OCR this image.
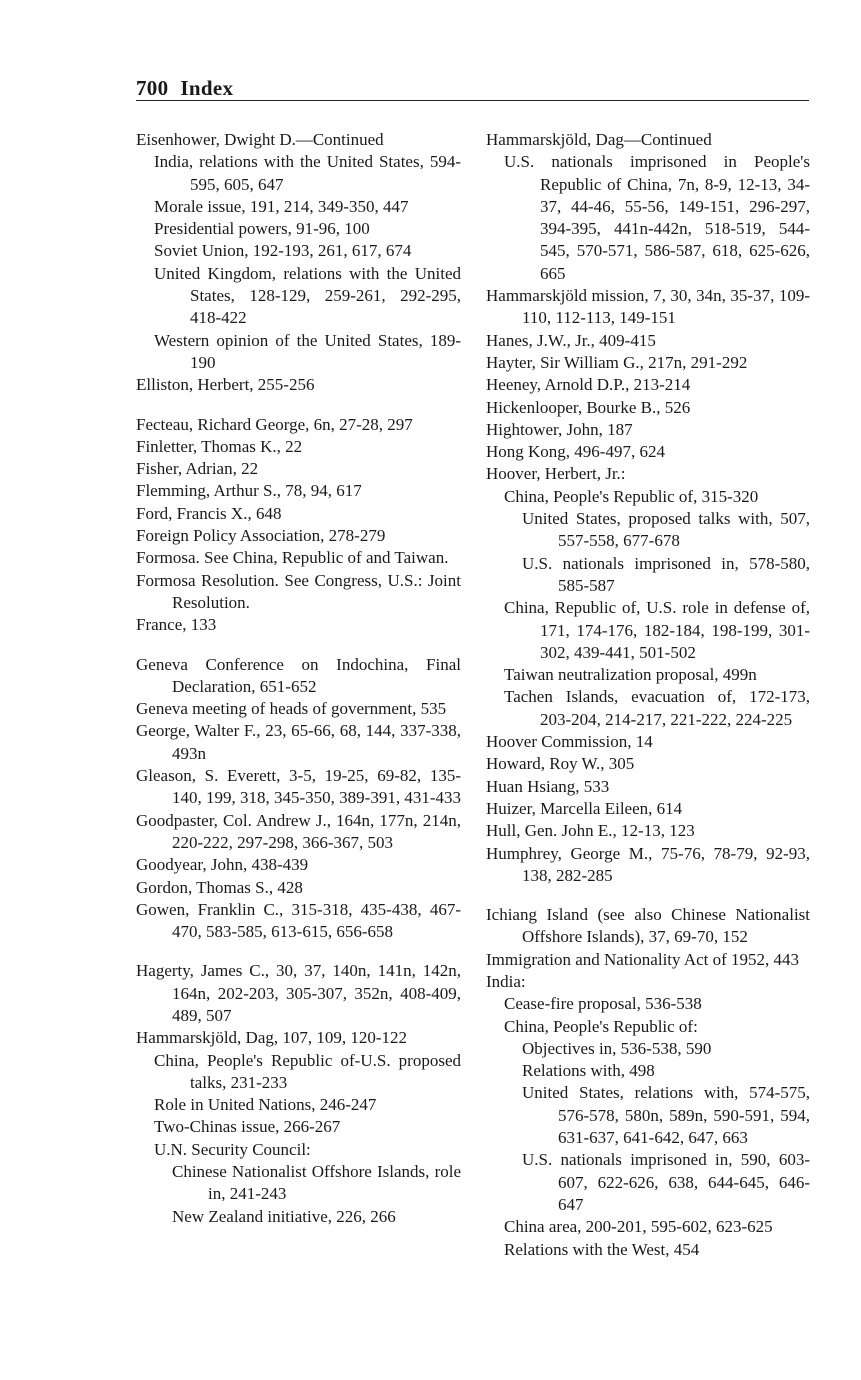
700 Index

Eisenhower, Dwight D.—Continued

India, relations with the United States, 594-595, 605, 647

Morale issue, 191, 214, 349-350, 447

Presidential powers, 91-96, 100

Soviet Union, 192-193, 261, 617, 674

United Kingdom, relations with the United States, 128-129, 259-261, 292-295, 418-422

Western opinion of the United States, 189-190

Elliston, Herbert, 255-256

Fecteau, Richard George, 6n, 27-28, 297

Finletter, Thomas K., 22

Fisher, Adrian, 22

Flemming, Arthur S., 78, 94, 617

Ford, Francis X., 648

Foreign Policy Association, 278-279

Formosa. See China, Republic of and Taiwan.

Formosa Resolution. See Congress, U.S.: Joint Resolution.

France, 133

Geneva Conference on Indochina, Final Declaration, 651-652

Geneva meeting of heads of government, 535

George, Walter F., 23, 65-66, 68, 144, 337-338, 493n

Gleason, S. Everett, 3-5, 19-25, 69-82, 135-140, 199, 318, 345-350, 389-391, 431-433

Goodpaster, Col. Andrew J., 164n, 177n, 214n, 220-222, 297-298, 366-367, 503

Goodyear, John, 438-439

Gordon, Thomas S., 428

Gowen, Franklin C., 315-318, 435-438, 467-470, 583-585, 613-615, 656-658

Hagerty, James C., 30, 37, 140n, 141n, 142n, 164n, 202-203, 305-307, 352n, 408-409, 489, 507

Hammarskjöld, Dag, 107, 109, 120-122

China, People's Republic of-U.S. proposed talks, 231-233

Role in United Nations, 246-247

Two-Chinas issue, 266-267

U.N. Security Council:

Chinese Nationalist Offshore Islands, role in, 241-243

New Zealand initiative, 226, 266

Hammarskjöld, Dag—Continued

U.S. nationals imprisoned in People's Republic of China, 7n, 8-9, 12-13, 34-37, 44-46, 55-56, 149-151, 296-297, 394-395, 441n-442n, 518-519, 544-545, 570-571, 586-587, 618, 625-626, 665

Hammarskjöld mission, 7, 30, 34n, 35-37, 109-110, 112-113, 149-151

Hanes, J.W., Jr., 409-415

Hayter, Sir William G., 217n, 291-292

Heeney, Arnold D.P., 213-214

Hickenlooper, Bourke B., 526

Hightower, John, 187

Hong Kong, 496-497, 624

Hoover, Herbert, Jr.:

China, People's Republic of, 315-320

United States, proposed talks with, 507, 557-558, 677-678

U.S. nationals imprisoned in, 578-580, 585-587

China, Republic of, U.S. role in defense of, 171, 174-176, 182-184, 198-199, 301-302, 439-441, 501-502

Taiwan neutralization proposal, 499n

Tachen Islands, evacuation of, 172-173, 203-204, 214-217, 221-222, 224-225

Hoover Commission, 14

Howard, Roy W., 305

Huan Hsiang, 533

Huizer, Marcella Eileen, 614

Hull, Gen. John E., 12-13, 123

Humphrey, George M., 75-76, 78-79, 92-93, 138, 282-285

Ichiang Island (see also Chinese Nationalist Offshore Islands), 37, 69-70, 152

Immigration and Nationality Act of 1952, 443

India:

Cease-fire proposal, 536-538

China, People's Republic of:

Objectives in, 536-538, 590

Relations with, 498

United States, relations with, 574-575, 576-578, 580n, 589n, 590-591, 594, 631-637, 641-642, 647, 663

U.S. nationals imprisoned in, 590, 603-607, 622-626, 638, 644-645, 646-647

China area, 200-201, 595-602, 623-625

Relations with the West, 454
